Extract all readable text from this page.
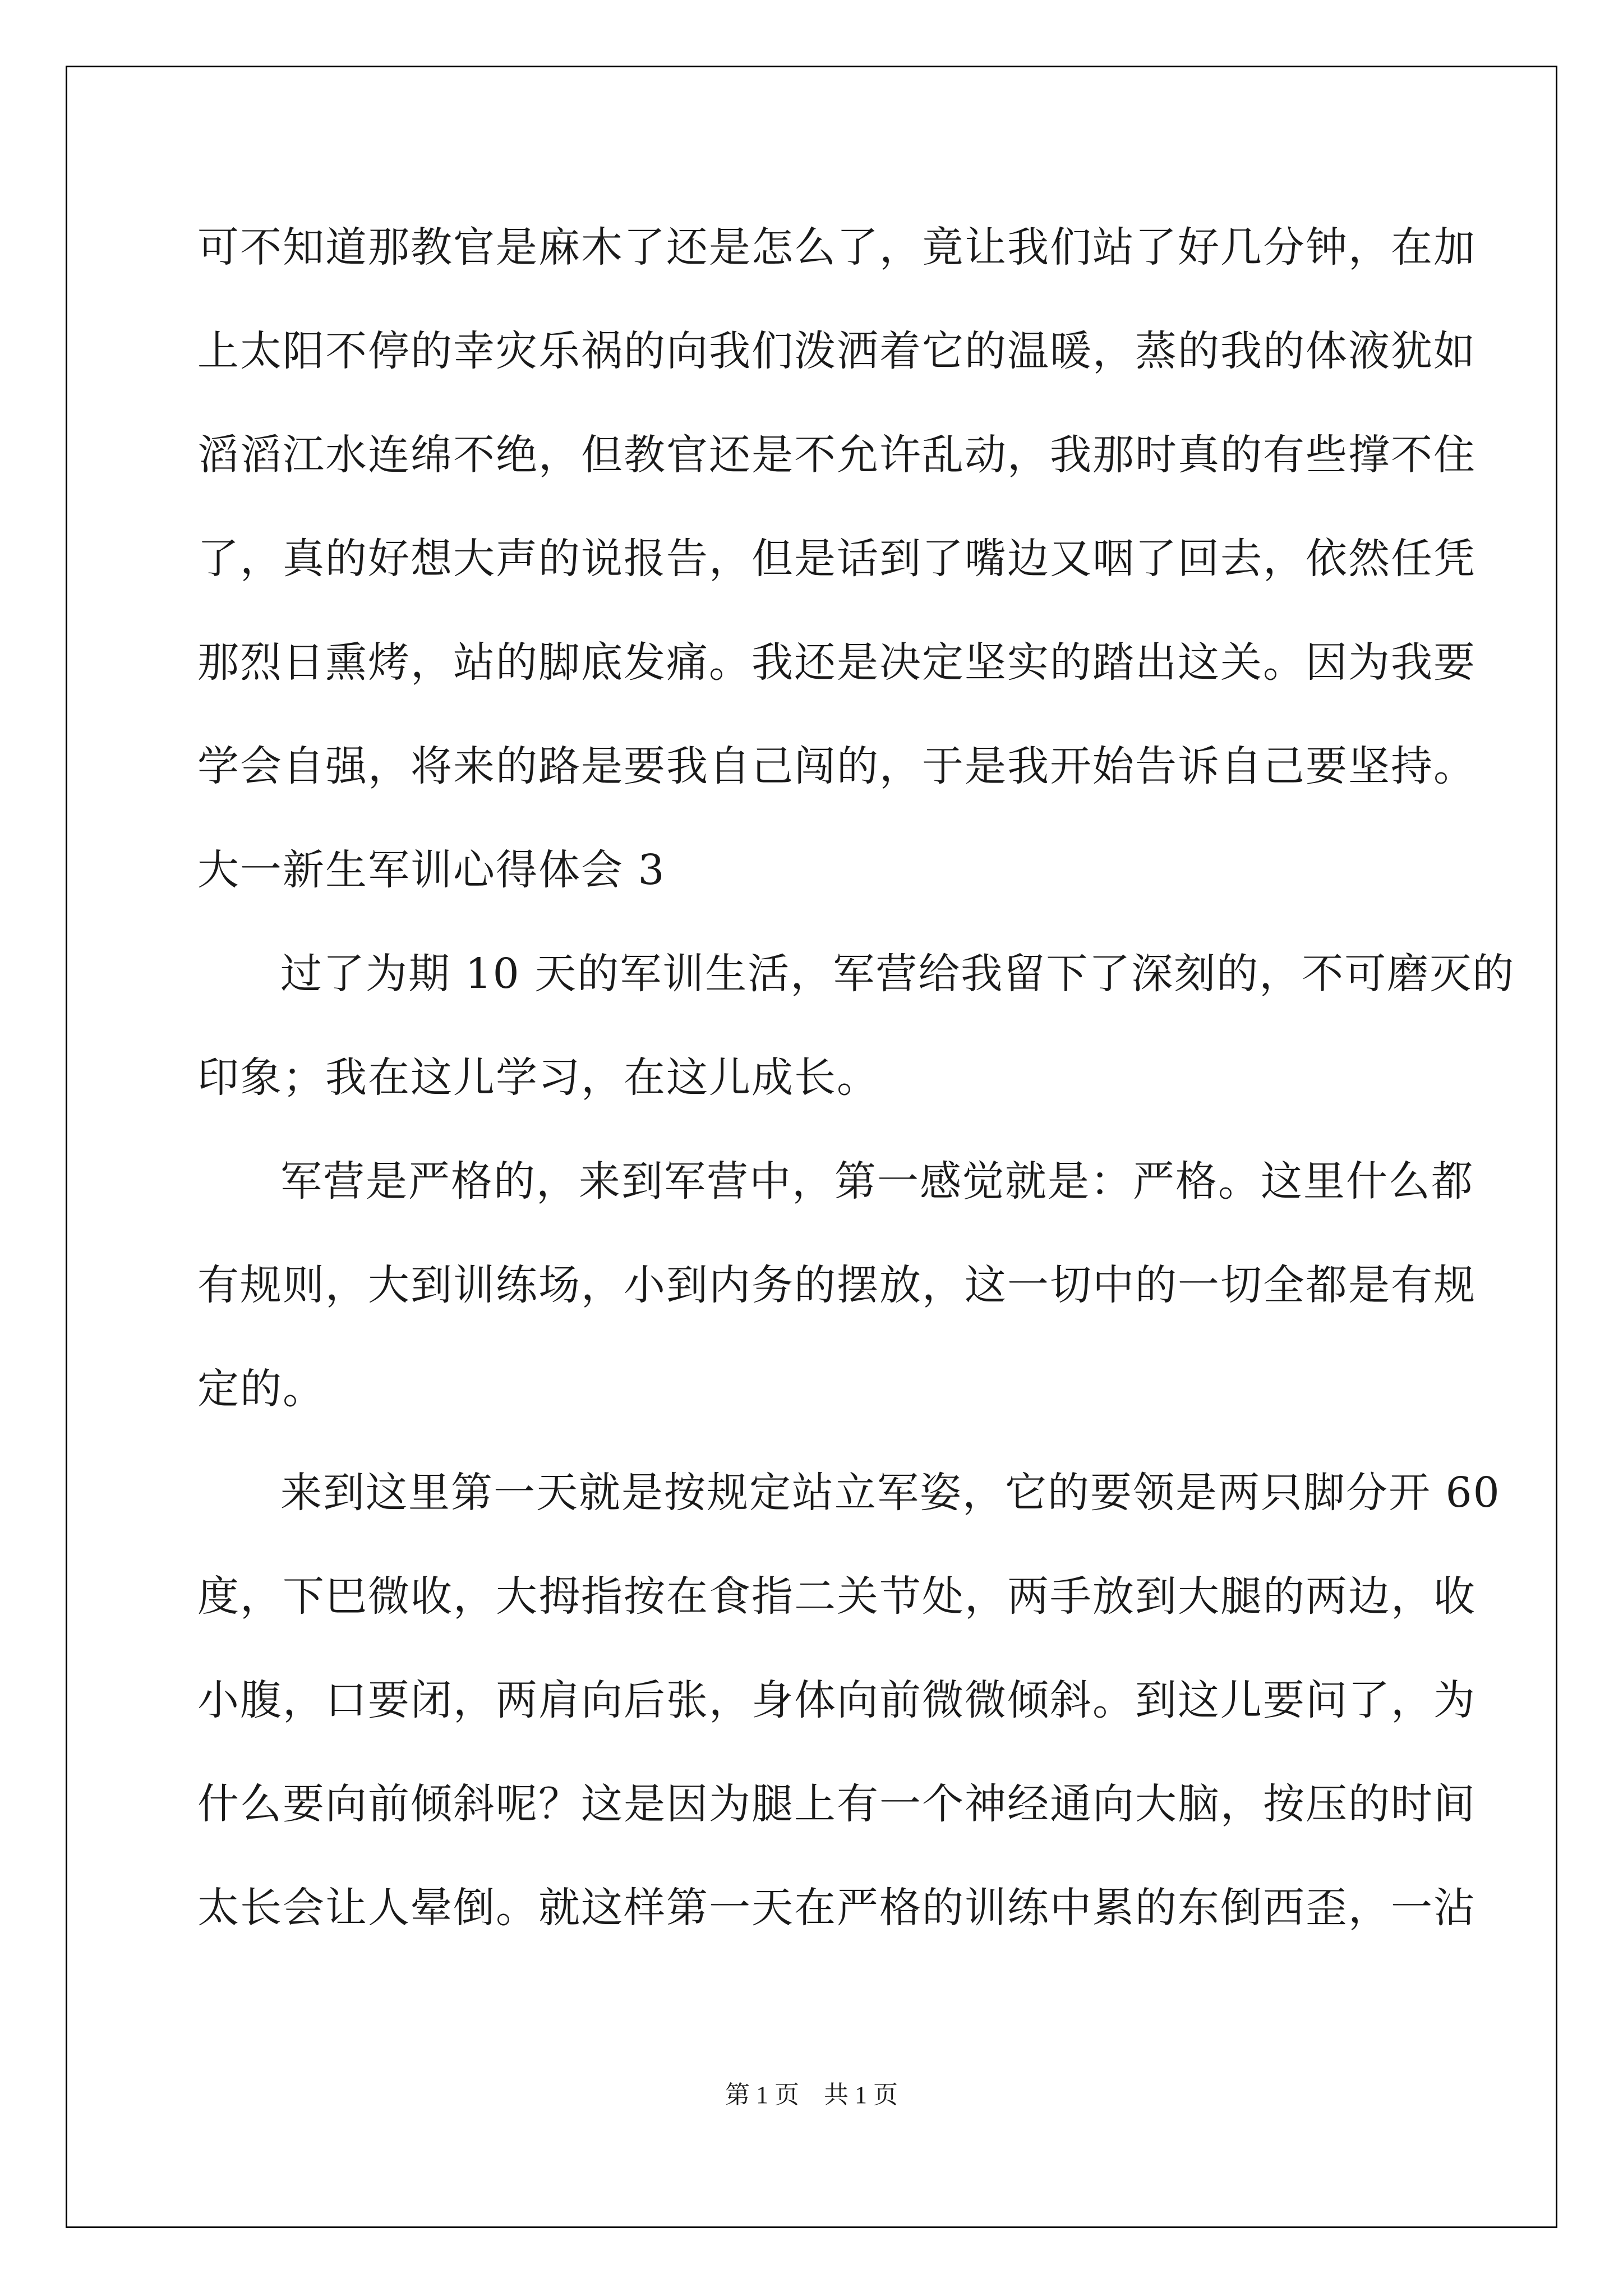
可不知道那教官是麻木了还是怎么了，竟让我们站了好几分钟，在加
上太阳不停的幸灾乐祸的向我们泼洒着它的温暖，蒸的我的体液犹如
滔滔江水连绵不绝，但教官还是不允许乱动，我那时真的有些撑不住
了，真的好想大声的说报告，但是话到了嘴边又咽了回去，依然任凭
那烈日熏烤，站的脚底发痛。我还是决定坚实的踏出这关。因为我要
学会自强，将来的路是要我自己闯的，于是我开始告诉自己要坚持。
大一新生军训心得体会 3
过了为期 10 天的军训生活，军营给我留下了深刻的，不可磨灭的
印象；我在这儿学习，在这儿成长。
军营是严格的，来到军营中，第一感觉就是：严格。这里什么都
有规则，大到训练场，小到内务的摆放，这一切中的一切全都是有规
定的。
来到这里第一天就是按规定站立军姿，它的要领是两只脚分开 60
度，下巴微收，大拇指按在食指二关节处，两手放到大腿的两边，收
小腹，口要闭，两肩向后张，身体向前微微倾斜。到这儿要问了，为
什么要向前倾斜呢？这是因为腿上有一个神经通向大脑，按压的时间
太长会让人晕倒。就这样第一天在严格的训练中累的东倒西歪，一沾
第 1 页 共 1 页
